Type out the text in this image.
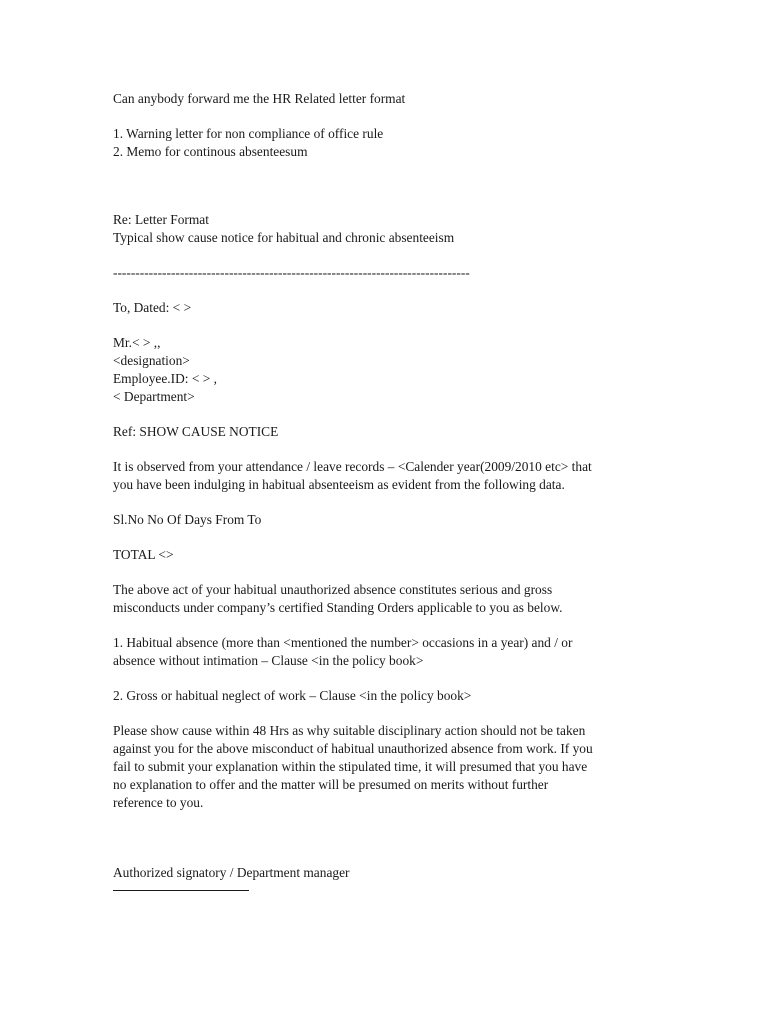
Can anybody forward me the HR Related letter format

1. Warning letter for non compliance of office rule

2. Memo for continous absenteesum

Re: Letter Format

Typical show cause notice for habitual and chronic absenteeism

--------------------------------------------------------------------------------

To, Dated: < >

Mr.< > ,,

<designation>

Employee.ID: < > ,

< Department>

Ref: SHOW CAUSE NOTICE

It is observed from your attendance / leave records – <Calender year(2009/2010 etc> that

you have been indulging in habitual absenteeism as evident from the following data.

Sl.No No Of Days From To

TOTAL <>

The above act of your habitual unauthorized absence constitutes serious and gross

misconducts under company’s certified Standing Orders applicable to you as below.

1. Habitual absence (more than <mentioned the number> occasions in a year) and / or

absence without intimation – Clause <in the policy book>

2. Gross or habitual neglect of work – Clause <in the policy book>

Please show cause within 48 Hrs as why suitable disciplinary action should not be taken

against you for the above misconduct of habitual unauthorized absence from work. If you

fail to submit your explanation within the stipulated time, it will presumed that you have

no explanation to offer and the matter will be presumed on merits without further

reference to you.

Authorized signatory / Department manager
